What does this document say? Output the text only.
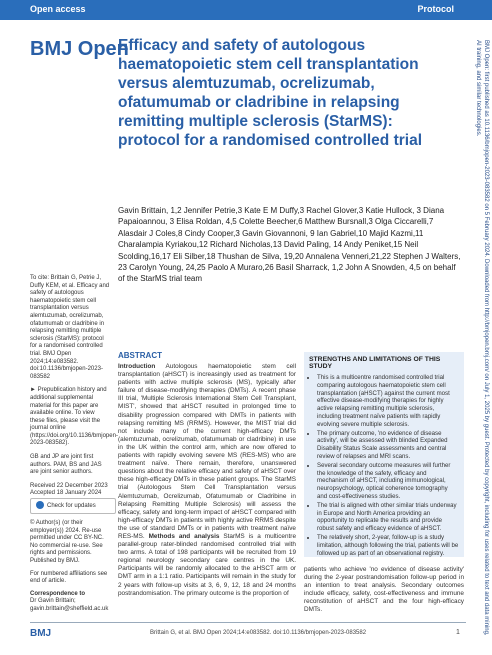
Open access	Protocol
BMJ Open: first published as 10.1136/bmjopen-2023-083582 on 5 February 2024. Downloaded from http://bmjopen.bmj.com/ on July 1, 2025 by guest. Protected by copyright, including for uses related to text and data mining, AI training, and similar technologies.
BMJ Open
Efficacy and safety of autologous haematopoietic stem cell transplantation versus alemtuzumab, ocrelizumab, ofatumumab or cladribine in relapsing remitting multiple sclerosis (StarMS): protocol for a randomised controlled trial
Gavin Brittain, 1,2 Jennifer Petrie,3 Kate E M Duffy,3 Rachel Glover,3 Katie Hullock, 3 Diana Papaioannou, 3 Elisa Roldan, 4,5 Colette Beecher,6 Matthew Bursnall,3 Olga Ciccarelli,7 Alasdair J Coles,8 Cindy Cooper,3 Gavin Giovannoni, 9 Ian Gabriel,10 Majid Kazmi,11 Charalampia Kyriakou,12 Richard Nicholas,13 David Paling, 14 Andy Peniket,15 Neil Scolding,16,17 Eli Silber,18 Thushan de Silva, 19,20 Annalena Venneri,21,22 Stephen J Walters, 23 Carolyn Young, 24,25 Paolo A Muraro,26 Basil Sharrack, 1,2 John A Snowden, 4,5 on behalf of the StarMS trial team
To cite: Brittain G, Petrie J, Duffy KEM, et al. Efficacy and safety of autologous haematopoietic stem cell transplantation versus alemtuzumab, ocrelizumab, ofatumumab or cladribine in relapsing remitting multiple sclerosis (StarMS): protocol for a randomised controlled trial. BMJ Open 2024;14:e083582. doi:10.1136/bmjopen-2023-083582
► Prepublication history and additional supplemental material for this paper are available online. To view these files, please visit the journal online (https://doi.org/10.1136/bmjopen-2023-083582).
GB and JP are joint first authors. PAM, BS and JAS are joint senior authors.
Received 22 December 2023
Accepted 18 January 2024
Check for updates
© Author(s) (or their employer(s)) 2024. Re-use permitted under CC BY-NC. No commercial re-use. See rights and permissions. Published by BMJ.
For numbered affiliations see end of article.
Correspondence to
Dr Gavin Brittain; gavin.brittain@sheffield.ac.uk
ABSTRACT
Introduction Autologous haematopoietic stem cell transplantation (aHSCT) is increasingly used as treatment for patients with active multiple sclerosis (MS), typically after failure of disease-modifying therapies (DMTs). A recent phase III trial, 'Multiple Sclerosis International Stem Cell Transplant, MIST', showed that aHSCT resulted in prolonged time to disability progression compared with DMTs in patients with relapsing remitting MS (RRMS). However, the MIST trial did not include many of the current high-efficacy DMTs (alemtuzumab, ocrelizumab, ofatumumab or cladribine) in use in the UK within the control arm, which are now offered to patients with rapidly evolving severe MS (RES-MS) who are treatment naïve. There remain, therefore, unanswered questions about the relative efficacy and safety of aHSCT over these high-efficacy DMTs in these patient groups. The StarMS trial (Autologous Stem Cell Transplantation versus Alemtuzumab, Ocrelizumab, Ofatumumab or Cladribine in Relapsing Remitting Multiple Sclerosis) will assess the efficacy, safety and long-term impact of aHSCT compared with high-efficacy DMTs in patients with highly active RRMS despite the use of standard DMTs or in patients with treatment naïve RES-MS. Methods and analysis StarMS is a multicentre parallel-group rater-blinded randomised controlled trial with two arms. A total of 198 participants will be recruited from 19 regional neurology secondary care centres in the UK. Participants will be randomly allocated to the aHSCT arm or DMT arm in a 1:1 ratio. Participants will remain in the study for 2 years with follow-up visits at 3, 6, 9, 12, 18 and 24 months postrandomisation. The primary outcome is the proportion of
STRENGTHS AND LIMITATIONS OF THIS STUDY
• This is a multicentre randomised controlled trial comparing autologous haematopoietic stem cell transplantation (aHSCT) against the current most effective disease-modifying therapies for highly active relapsing remitting multiple sclerosis, including treatment naïve patients with rapidly evolving severe multiple sclerosis.
• The primary outcome, 'no evidence of disease activity', will be assessed with blinded Expanded Disability Status Scale assessments and central review of relapses and MRI scans.
• Several secondary outcome measures will further the knowledge of the safety, efficacy and mechanism of aHSCT, including immunological, neuropsychology, optical coherence tomography and cost-effectiveness studies.
• The trial is aligned with other similar trials underway in Europe and North America providing an opportunity to replicate the results and provide robust safety and efficacy evidence of aHSCT.
• The relatively short, 2-year, follow-up is a study limitation, although following the trial, patients will be followed up as part of an observational registry.
patients who achieve 'no evidence of disease activity' during the 2-year postrandomisation follow-up period in an intention to treat analysis. Secondary outcomes include efficacy, safety, cost-effectiveness and immune reconstitution of aHSCT and the four high-efficacy DMTs.
BMJ	Brittain G, et al. BMJ Open 2024;14:e083582. doi:10.1136/bmjopen-2023-083582	1
